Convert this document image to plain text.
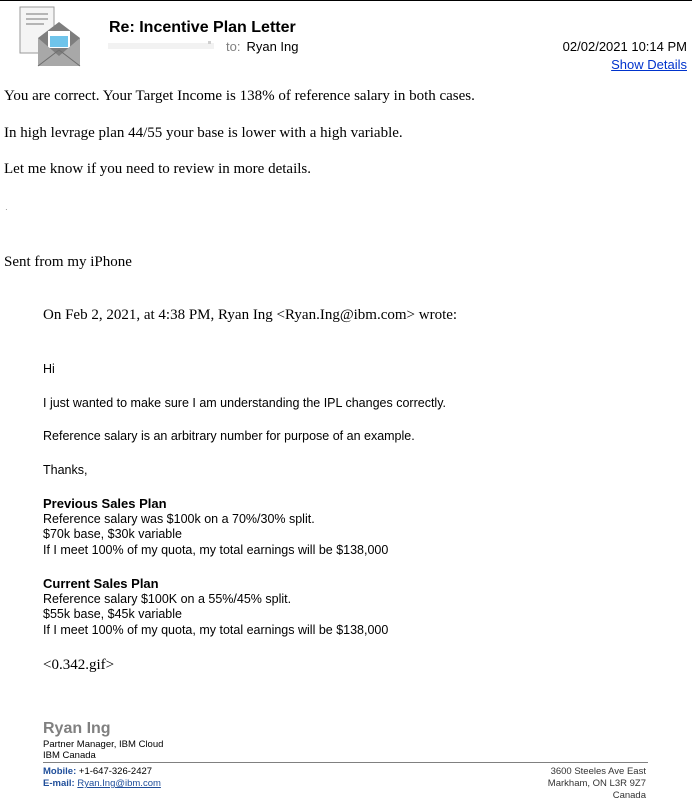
Re: Incentive Plan Letter
to: Ryan Ing	02/02/2021 10:14 PM
Show Details
You are correct. Your Target Income is 138% of reference salary in both cases.
In high levrage plan 44/55 your base is lower with a high variable.
Let me know if you need to review in more details.
·
Sent from my iPhone
On Feb 2, 2021, at 4:38 PM, Ryan Ing <Ryan.Ing@ibm.com> wrote:
Hi
I just wanted to make sure I am understanding the IPL changes correctly.
Reference salary is an arbitrary number for purpose of an example.
Thanks,
Previous Sales Plan
Reference salary was $100k on a 70%/30% split.
$70k base, $30k variable
If I meet 100% of my quota, my total earnings will be $138,000
Current Sales Plan
Reference salary $100K on a 55%/45% split.
$55k base, $45k variable
If I meet 100% of my quota, my total earnings will be $138,000
<0.342.gif>
Ryan Ing
Partner Manager, IBM Cloud
IBM Canada
Mobile: +1-647-326-2427
E-mail: Ryan.Ing@ibm.com
3600 Steeles Ave East
Markham, ON L3R 9Z7
Canada
